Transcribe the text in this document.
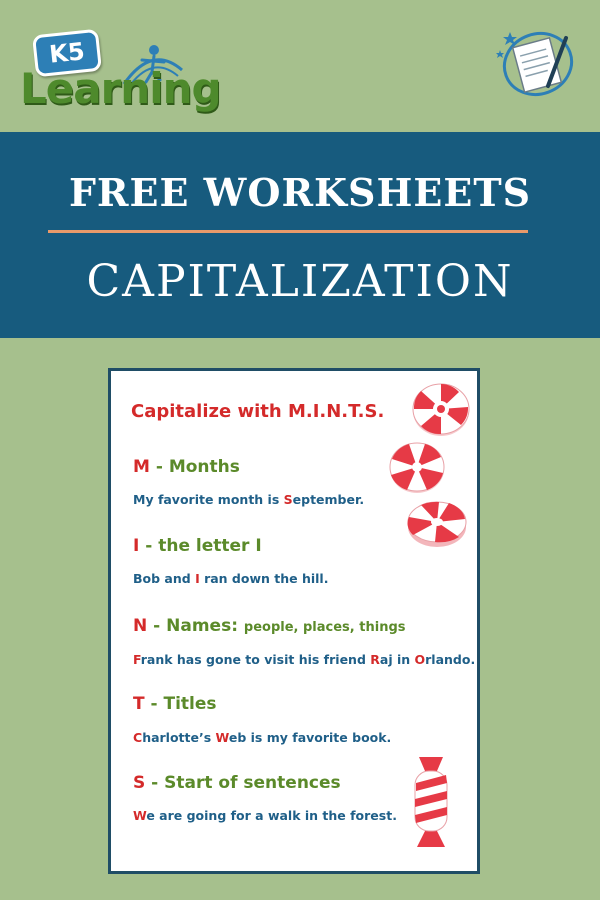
K5
Learning
FREE WORKSHEETS
CAPITALIZATION
Capitalize with M.I.N.T.S.
M - Months
My favorite month is September.
I - the letter I
Bob and I ran down the hill.
N - Names: people, places, things
Frank has gone to visit his friend Raj in Orlando.
T - Titles
Charlotte’s Web is my favorite book.
S - Start of sentences
We are going for a walk in the forest.
